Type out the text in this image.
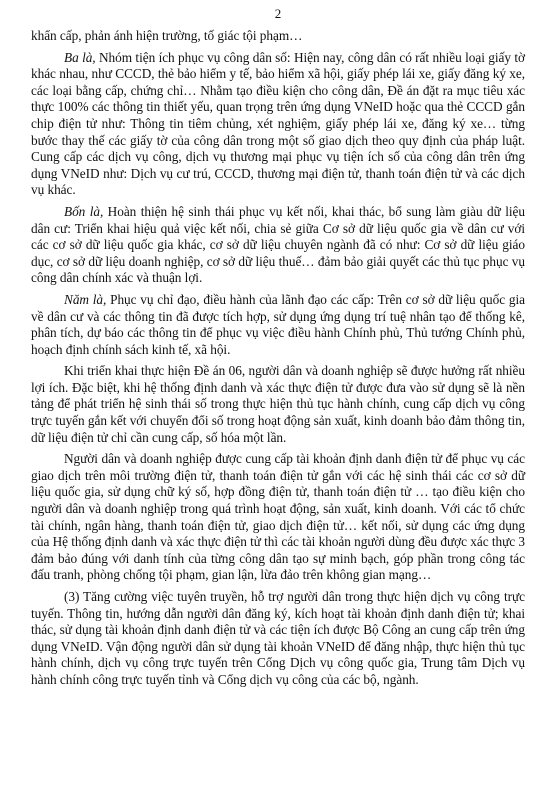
2

khẩn cấp, phản ánh hiện trường, tố giác tội phạm…

Ba là, Nhóm tiện ích phục vụ công dân số: Hiện nay, công dân có rất nhiều loại giấy tờ khác nhau, như CCCD, thẻ bảo hiểm y tế, bảo hiểm xã hội, giấy phép lái xe, giấy đăng ký xe, các loại bằng cấp, chứng chỉ… Nhằm tạo điều kiện cho công dân, Đề án đặt ra mục tiêu xác thực 100% các thông tin thiết yếu, quan trọng trên ứng dụng VNeID hoặc qua thẻ CCCD gắn chip điện tử như: Thông tin tiêm chủng, xét nghiệm, giấy phép lái xe, đăng ký xe… từng bước thay thế các giấy tờ của công dân trong một số giao dịch theo quy định của pháp luật. Cung cấp các dịch vụ công, dịch vụ thương mại phục vụ tiện ích số của công dân trên ứng dụng VNeID như: Dịch vụ cư trú, CCCD, thương mại điện tử, thanh toán điện tử và các dịch vụ khác.

Bốn là, Hoàn thiện hệ sinh thái phục vụ kết nối, khai thác, bổ sung làm giàu dữ liệu dân cư: Triển khai hiệu quả việc kết nối, chia sẻ giữa Cơ sở dữ liệu quốc gia về dân cư với các cơ sở dữ liệu quốc gia khác, cơ sở dữ liệu chuyên ngành đã có như: Cơ sở dữ liệu giáo dục, cơ sở dữ liệu doanh nghiệp, cơ sở dữ liệu thuế… đảm bảo giải quyết các thủ tục phục vụ công dân chính xác và thuận lợi.

Năm là, Phục vụ chỉ đạo, điều hành của lãnh đạo các cấp: Trên cơ sở dữ liệu quốc gia về dân cư và các thông tin đã được tích hợp, sử dụng ứng dụng trí tuệ nhân tạo để thống kê, phân tích, dự báo các thông tin để phục vụ việc điều hành Chính phủ, Thủ tướng Chính phủ, hoạch định chính sách kinh tế, xã hội.

Khi triển khai thực hiện Đề án 06, người dân và doanh nghiệp sẽ được hưởng rất nhiều lợi ích. Đặc biệt, khi hệ thống định danh và xác thực điện tử được đưa vào sử dụng sẽ là nền tảng để phát triển hệ sinh thái số trong thực hiện thủ tục hành chính, cung cấp dịch vụ công trực tuyến gắn kết với chuyển đổi số trong hoạt động sản xuất, kinh doanh bảo đảm thông tin, dữ liệu điện tử chỉ cần cung cấp, số hóa một lần.

Người dân và doanh nghiệp được cung cấp tài khoản định danh điện tử để phục vụ các giao dịch trên môi trường điện tử, thanh toán điện tử gắn với các hệ sinh thái các cơ sở dữ liệu quốc gia, sử dụng chữ ký số, hợp đồng điện tử, thanh toán điện tử … tạo điều kiện cho người dân và doanh nghiệp trong quá trình hoạt động, sản xuất, kinh doanh. Với các tổ chức tài chính, ngân hàng, thanh toán điện tử, giao dịch điện tử… kết nối, sử dụng các ứng dụng của Hệ thống định danh và xác thực điện tử thì các tài khoản người dùng đều được xác thực 3 đảm bảo đúng với danh tính của từng công dân tạo sự minh bạch, góp phần trong công tác đấu tranh, phòng chống tội phạm, gian lận, lừa đảo trên không gian mạng…

(3) Tăng cường việc tuyên truyền, hỗ trợ người dân trong thực hiện dịch vụ công trực tuyến. Thông tin, hướng dẫn người dân đăng ký, kích hoạt tài khoản định danh điện tử; khai thác, sử dụng tài khoản định danh điện tử và các tiện ích được Bộ Công an cung cấp trên ứng dụng VNeID. Vận động người dân sử dụng tài khoản VNeID để đăng nhập, thực hiện thủ tục hành chính, dịch vụ công trực tuyến trên Cổng Dịch vụ công quốc gia, Trung tâm Dịch vụ hành chính công trực tuyến tỉnh và Cổng dịch vụ công của các bộ, ngành.
